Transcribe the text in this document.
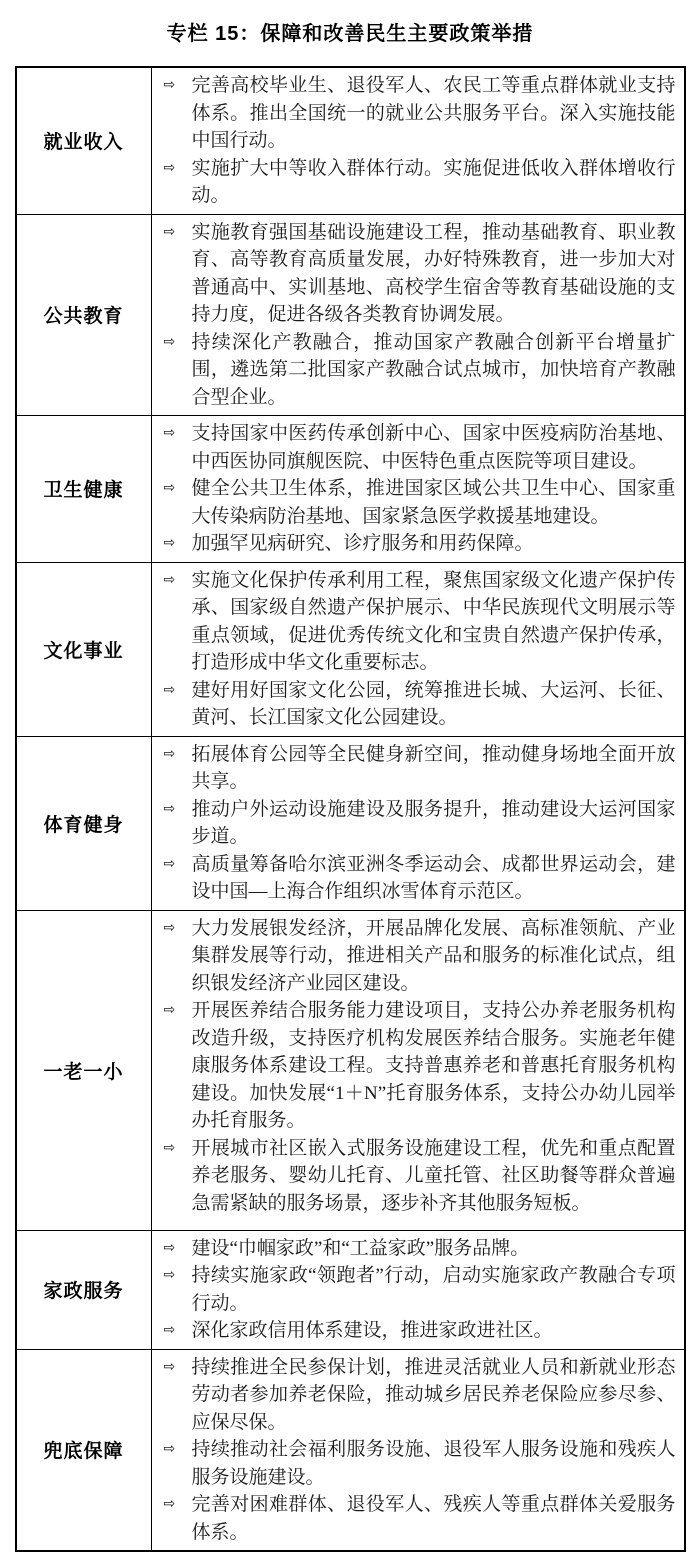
专栏 15：保障和改善民生主要政策举措
就业收入
⇨ 完善高校毕业生、退役军人、农民工等重点群体就业支持体系。推出全国统一的就业公共服务平台。深入实施技能中国行动。
⇨ 实施扩大中等收入群体行动。实施促进低收入群体增收行动。
公共教育
⇨ 实施教育强国基础设施建设工程，推动基础教育、职业教育、高等教育高质量发展，办好特殊教育，进一步加大对普通高中、实训基地、高校学生宿舍等教育基础设施的支持力度，促进各级各类教育协调发展。
⇨ 持续深化产教融合，推动国家产教融合创新平台增量扩围，遴选第二批国家产教融合试点城市，加快培育产教融合型企业。
卫生健康
⇨ 支持国家中医药传承创新中心、国家中医疫病防治基地、中西医协同旗舰医院、中医特色重点医院等项目建设。
⇨ 健全公共卫生体系，推进国家区域公共卫生中心、国家重大传染病防治基地、国家紧急医学救援基地建设。
⇨ 加强罕见病研究、诊疗服务和用药保障。
文化事业
⇨ 实施文化保护传承利用工程，聚焦国家级文化遗产保护传承、国家级自然遗产保护展示、中华民族现代文明展示等重点领域，促进优秀传统文化和宝贵自然遗产保护传承，打造形成中华文化重要标志。
⇨ 建好用好国家文化公园，统筹推进长城、大运河、长征、黄河、长江国家文化公园建设。
体育健身
⇨ 拓展体育公园等全民健身新空间，推动健身场地全面开放共享。
⇨ 推动户外运动设施建设及服务提升，推动建设大运河国家步道。
⇨ 高质量筹备哈尔滨亚洲冬季运动会、成都世界运动会，建设中国—上海合作组织冰雪体育示范区。
一老一小
⇨ 大力发展银发经济，开展品牌化发展、高标准领航、产业集群发展等行动，推进相关产品和服务的标准化试点，组织银发经济产业园区建设。
⇨ 开展医养结合服务能力建设项目，支持公办养老服务机构改造升级，支持医疗机构发展医养结合服务。实施老年健康服务体系建设工程。支持普惠养老和普惠托育服务机构建设。加快发展“1＋N”托育服务体系，支持公办幼儿园举办托育服务。
⇨ 开展城市社区嵌入式服务设施建设工程，优先和重点配置养老服务、婴幼儿托育、儿童托管、社区助餐等群众普遍急需紧缺的服务场景，逐步补齐其他服务短板。
家政服务
⇨ 建设“巾帼家政”和“工益家政”服务品牌。
⇨ 持续实施家政“领跑者”行动，启动实施家政产教融合专项行动。
⇨ 深化家政信用体系建设，推进家政进社区。
兜底保障
⇨ 持续推进全民参保计划，推进灵活就业人员和新就业形态劳动者参加养老保险，推动城乡居民养老保险应参尽参、应保尽保。
⇨ 持续推动社会福利服务设施、退役军人服务设施和残疾人服务设施建设。
⇨ 完善对困难群体、退役军人、残疾人等重点群体关爱服务体系。
